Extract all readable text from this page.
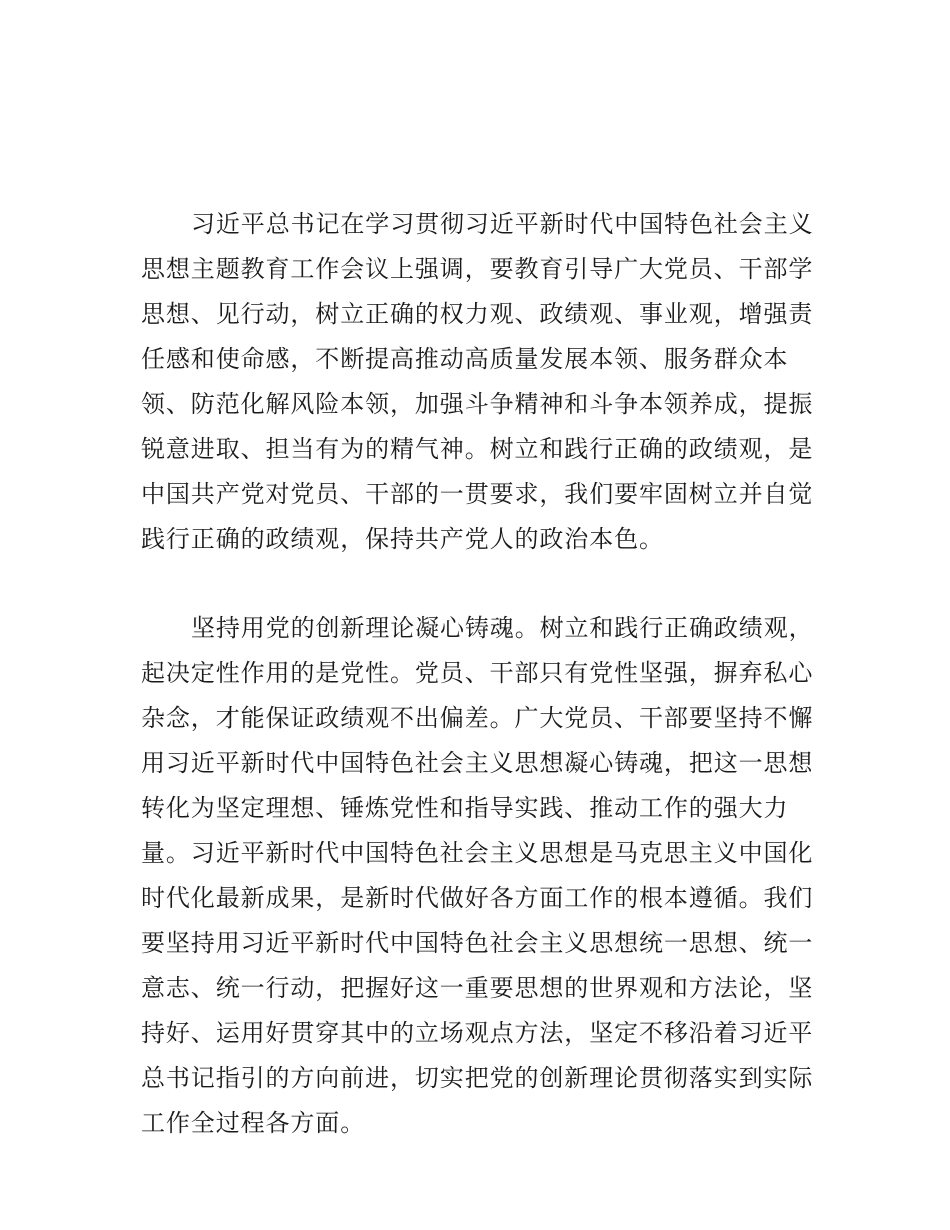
习近平总书记在学习贯彻习近平新时代中国特色社会主义
思想主题教育工作会议上强调，要教育引导广大党员、干部学
思想、见行动，树立正确的权力观、政绩观、事业观，增强责
任感和使命感，不断提高推动高质量发展本领、服务群众本
领、防范化解风险本领，加强斗争精神和斗争本领养成，提振
锐意进取、担当有为的精气神。树立和践行正确的政绩观，是
中国共产党对党员、干部的一贯要求，我们要牢固树立并自觉
践行正确的政绩观，保持共产党人的政治本色。

坚持用党的创新理论凝心铸魂。树立和践行正确政绩观，
起决定性作用的是党性。党员、干部只有党性坚强，摒弃私心
杂念，才能保证政绩观不出偏差。广大党员、干部要坚持不懈
用习近平新时代中国特色社会主义思想凝心铸魂，把这一思想
转化为坚定理想、锤炼党性和指导实践、推动工作的强大力
量。习近平新时代中国特色社会主义思想是马克思主义中国化
时代化最新成果，是新时代做好各方面工作的根本遵循。我们
要坚持用习近平新时代中国特色社会主义思想统一思想、统一
意志、统一行动，把握好这一重要思想的世界观和方法论，坚
持好、运用好贯穿其中的立场观点方法，坚定不移沿着习近平
总书记指引的方向前进，切实把党的创新理论贯彻落实到实际
工作全过程各方面。
